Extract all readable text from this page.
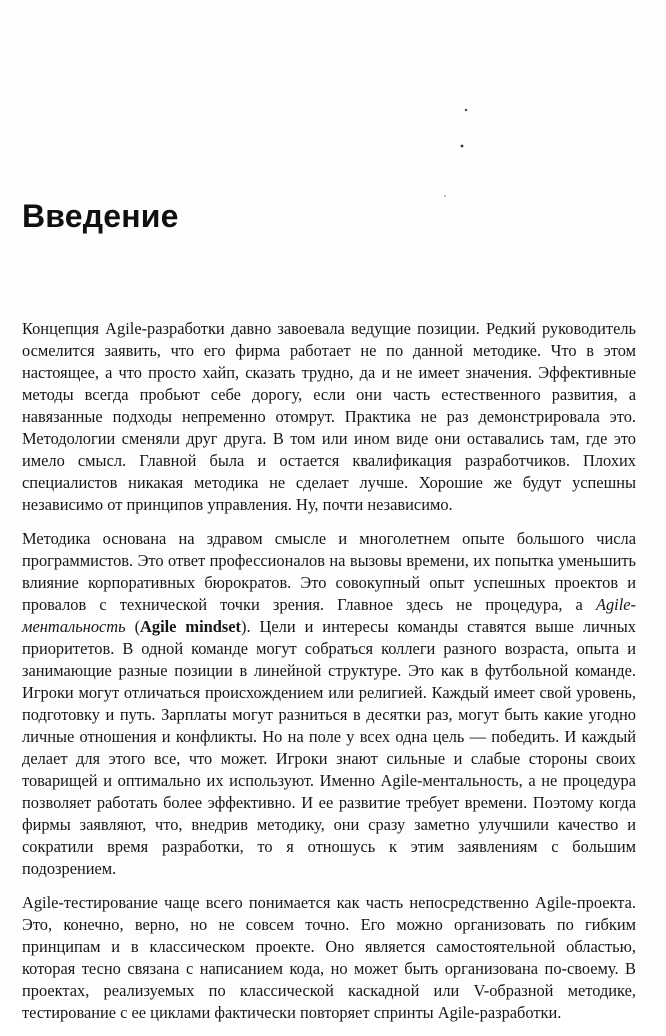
Введение

Концепция Agile-разработки давно завоевала ведущие позиции. Редкий руководитель осмелится заявить, что его фирма работает не по данной методике. Что в этом настоящее, а что просто хайп, сказать трудно, да и не имеет значения. Эффективные методы всегда пробьют себе дорогу, если они часть естественного развития, а навязанные подходы непременно отомрут. Практика не раз демонстрировала это. Методологии сменяли друг друга. В том или ином виде они оставались там, где это имело смысл. Главной была и остается квалификация разработчиков. Плохих специалистов никакая методика не сделает лучше. Хорошие же будут успешны независимо от принципов управления. Ну, почти независимо.

Методика основана на здравом смысле и многолетнем опыте большого числа программистов. Это ответ профессионалов на вызовы времени, их попытка уменьшить влияние корпоративных бюрократов. Это совокупный опыт успешных проектов и провалов с технической точки зрения. Главное здесь не процедура, а Agile-ментальность (Agile mindset). Цели и интересы команды ставятся выше личных приоритетов. В одной команде могут собраться коллеги разного возраста, опыта и занимающие разные позиции в линейной структуре. Это как в футбольной команде. Игроки могут отличаться происхождением или религией. Каждый имеет свой уровень, подготовку и путь. Зарплаты могут разниться в десятки раз, могут быть какие угодно личные отношения и конфликты. Но на поле у всех одна цель — победить. И каждый делает для этого все, что может. Игроки знают сильные и слабые стороны своих товарищей и оптимально их используют. Именно Agile-ментальность, а не процедура позволяет работать более эффективно. И ее развитие требует времени. Поэтому когда фирмы заявляют, что, внедрив методику, они сразу заметно улучшили качество и сократили время разработки, то я отношусь к этим заявлениям с большим подозрением.

Agile-тестирование чаще всего понимается как часть непосредственно Agile-проекта. Это, конечно, верно, но не совсем точно. Его можно организовать по гибким принципам и в классическом проекте. Оно является самостоятельной областью, которая тесно связана с написанием кода, но может быть организована по-своему. В проектах, реализуемых по классической каскадной или V-образной методике, тестирование с ее циклами фактически повторяет спринты Agile-разработки.
